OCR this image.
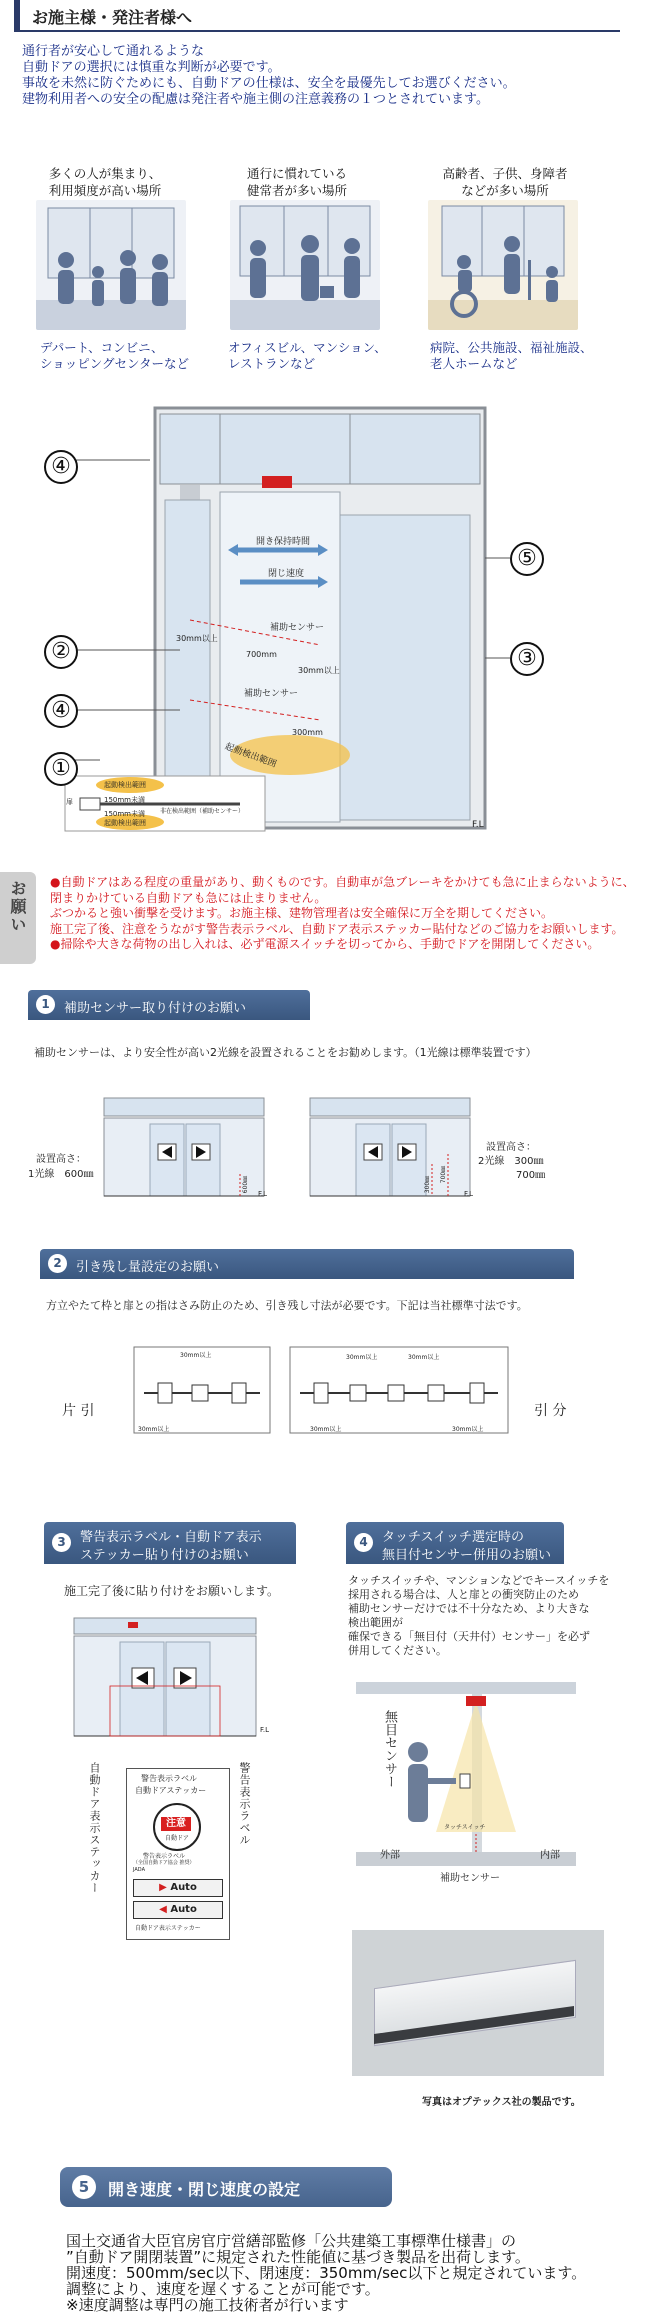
お施主様・発注者様へ
通行者が安心して通れるような
自動ドアの選択には慎重な判断が必要です。
事故を未然に防ぐためにも、自動ドアの仕様は、安全を最優先してお選びください。
建物利用者への安全の配慮は発注者や施主側の注意義務の１つとされています。
多くの人が集まり、
利用頻度が高い場所
通行に慣れている
健常者が多い場所
高齢者、子供、身障者
などが多い場所
デパート、コンビニ、
ショッピングセンターなど
オフィスビル、マンション、
レストランなど
病院、公共施設、福祉施設、
老人ホームなど
④
⑤
②	③
④
①
開き保持時間
閉じ速度
補助センサー
補助センサー
30mm以上
30mm以上
700mm
300mm
起動検出範囲
F.L
起動検出範囲
起動検出範囲
150mm未満
150mm未満
扉
非在検出範囲（補助センサー）
お願い ●自動ドアはある程度の重量があり、動くものです。自動車が急ブレーキをかけても急に止まらないように、
閉まりかけている自動ドアも急には止まりません。
ぶつかると強い衝撃を受けます。お施主様、建物管理者は安全確保に万全を期してください。
施工完了後、注意をうながす警告表示ラベル、自動ドア表示ステッカー貼付などのご協力をお願いします。
●掃除や大きな荷物の出し入れは、必ず電源スイッチを切ってから、手動でドアを開閉してください。
1	補助センサー取り付けのお願い
補助センサーは、より安全性が高い2光線を設置されることをお勧めします。（1光線は標準装置です）
設置高さ：
1光線　600㎜
F.L
600㎜
設置高さ：
2光線　300㎜
700㎜
F.L
300㎜
700㎜
2	引き残し量設定のお願い
方立やたて枠と扉との指はさみ防止のため、引き残し寸法が必要です。下記は当社標準寸法です。
片 引	引 分
30mm以上
30mm以上
30mm以上	30mm以上
30mm以上	30mm以上
3	警告表示ラベル・自動ドア表示
ステッカー貼り付けのお願い
施工完了後に貼り付けをお願いします。
F.L
自動ドア表示ステッカー	警告表示ラベル
警告表示ラベル
自動ドアステッカー
注意
自動ドア
警告表示ラベル
（全国自動ドア協会 推奨）
JADA
▶ Auto
◀ Auto
自動ドア表示ステッカー
4	タッチスイッチ選定時の
無目付センサー併用のお願い
タッチスイッチや、マンションなどでキースイッチを
採用される場合は、人と扉との衝突防止のため
補助センサーだけでは不十分なため、より大きな
検出範囲が
確保できる「無目付（天井付）センサー」を必ず
併用してください。
無目センサー
タッチスイッチ
外部	内部
補助センサー
写真はオプテックス社の製品です。
5	開き速度・閉じ速度の設定
国土交通省大臣官房官庁営繕部監修「公共建築工事標準仕様書」の
”自動ドア開閉装置”に規定された性能値に基づき製品を出荷します。
開速度：500mm/sec以下、閉速度：350mm/sec以下と規定されています。
調整により、速度を遅くすることが可能です。
※速度調整は専門の施工技術者が行います
